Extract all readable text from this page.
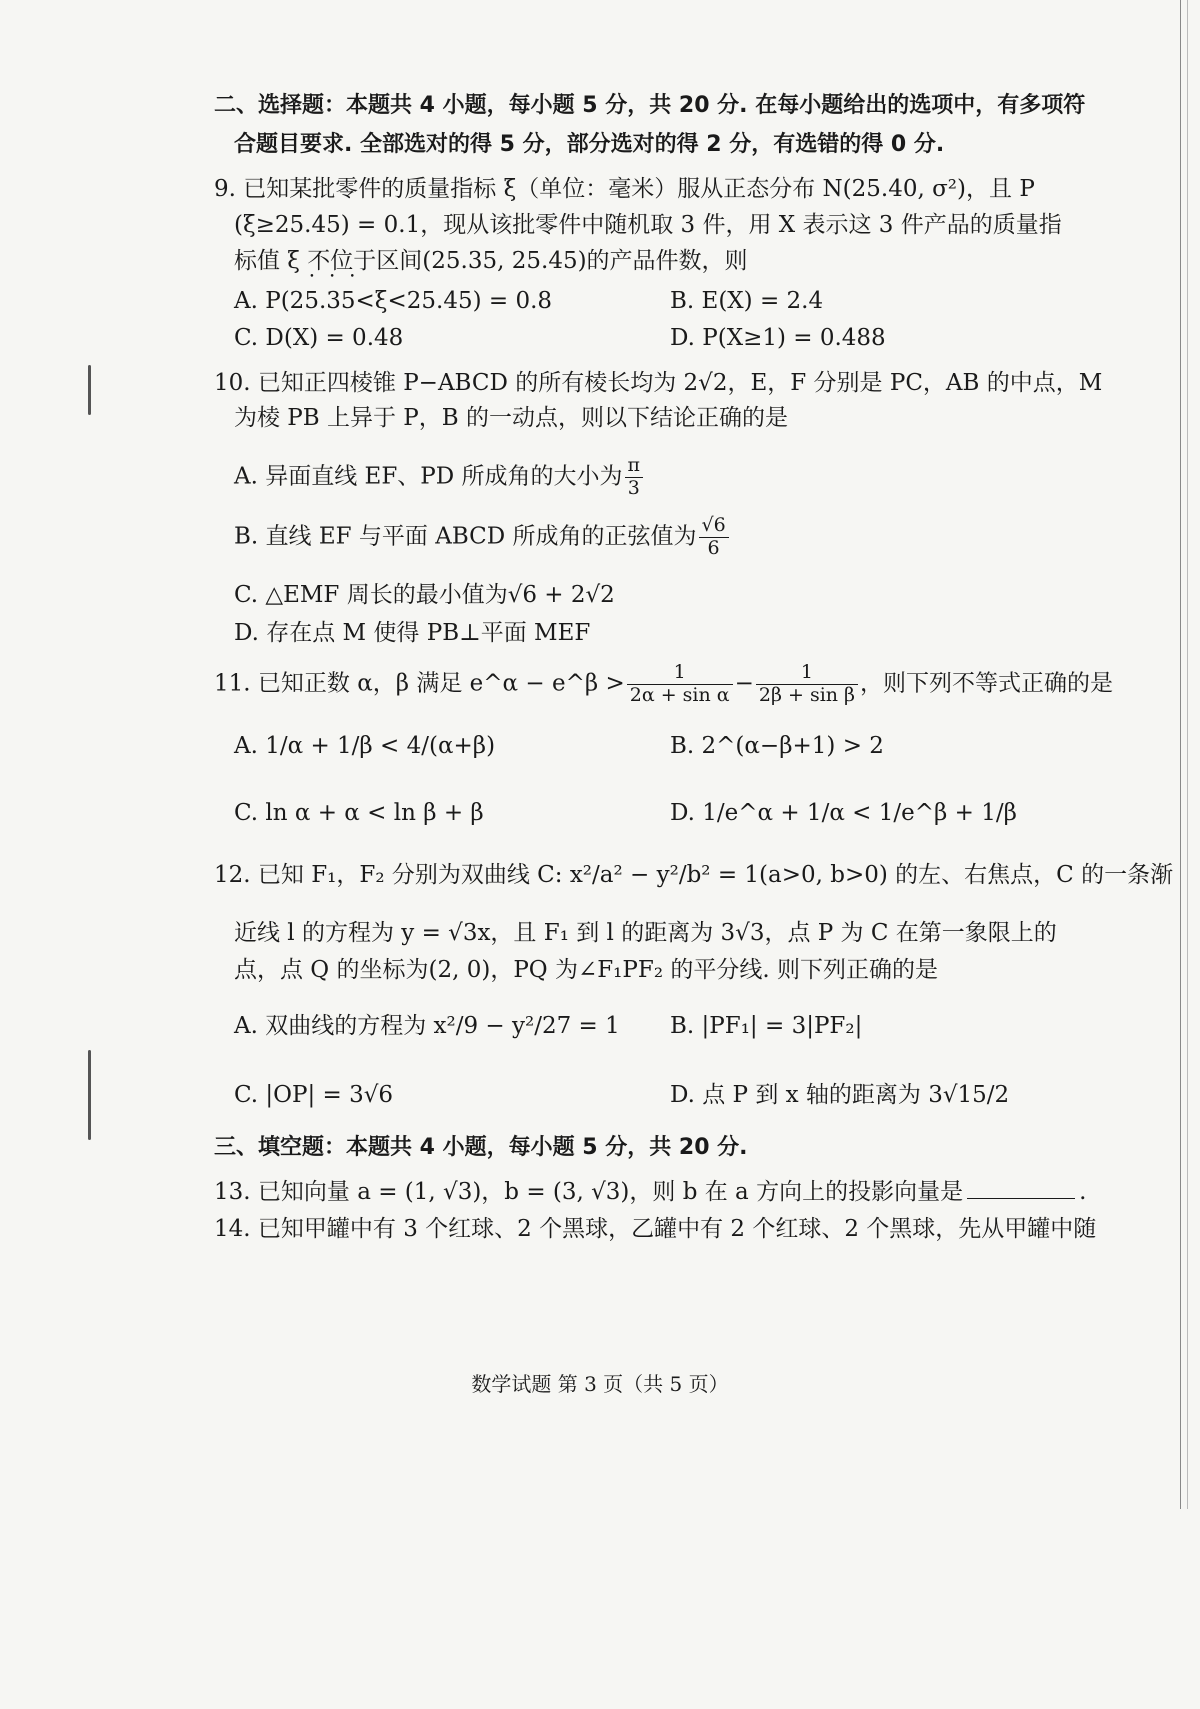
二、选择题：本题共 4 小题，每小题 5 分，共 20 分. 在每小题给出的选项中，有多项符
合题目要求. 全部选对的得 5 分，部分选对的得 2 分，有选错的得 0 分.
9. 已知某批零件的质量指标 ξ（单位：毫米）服从正态分布 N(25.40, σ²)，且 P
(ξ≥25.45) = 0.1，现从该批零件中随机取 3 件，用 X 表示这 3 件产品的质量指
标值 ξ 不位于 • • •区间(25.35, 25.45)的产品件数，则
A. P(25.35<ξ<25.45) = 0.8	B. E(X) = 2.4
C. D(X) = 0.48	D. P(X≥1) = 0.488
10. 已知正四棱锥 P−ABCD 的所有棱长均为 2√2，E，F 分别是 PC，AB 的中点，M
为棱 PB 上异于 P，B 的一动点，则以下结论正确的是
A. 异面直线 EF、PD 所成角的大小为 $\frac{\pi}{3}$
B. 直线 EF 与平面 ABCD 所成角的正弦值为 $\frac{√6}{6}$
C. △EMF 周长的最小值为√6 + 2√2
D. 存在点 M 使得 PB⊥平面 MEF
11. 已知正数 α，β 满足 e^α − e^β > $\frac{1}{\text{2α + sin α}} - \frac{1}{\text{2β + sin β}}$ ，则下列不等式正确的是
A. 1/α + 1/β < 4/(α+β)	B. 2^(α−β+1) > 2
C. ln α + α < ln β + β	D. 1/e^α + 1/α < 1/e^β + 1/β
12. 已知 F₁，F₂ 分别为双曲线 C: x²/a² − y²/b² = 1(a>0, b>0) 的左、右焦点，C 的一条渐
近线 l 的方程为 y = √3x，且 F₁ 到 l 的距离为 3√3，点 P 为 C 在第一象限上的
点，点 Q 的坐标为(2, 0)，PQ 为∠F₁PF₂ 的平分线. 则下列正确的是
A. 双曲线的方程为 x²/9 − y²/27 = 1 B. |PF₁| = 3|PF₂|
C. |OP| = 3√6	D. 点 P 到 x 轴的距离为 3√15/2
三、填空题：本题共 4 小题，每小题 5 分，共 20 分.
13. 已知向量 a = (1, √3)，b = (3, √3)，则 b 在 a 方向上的投影向量是	.
14. 已知甲罐中有 3 个红球、2 个黑球，乙罐中有 2 个红球、2 个黑球，先从甲罐中随
数学试题 第 3 页（共 5 页）
